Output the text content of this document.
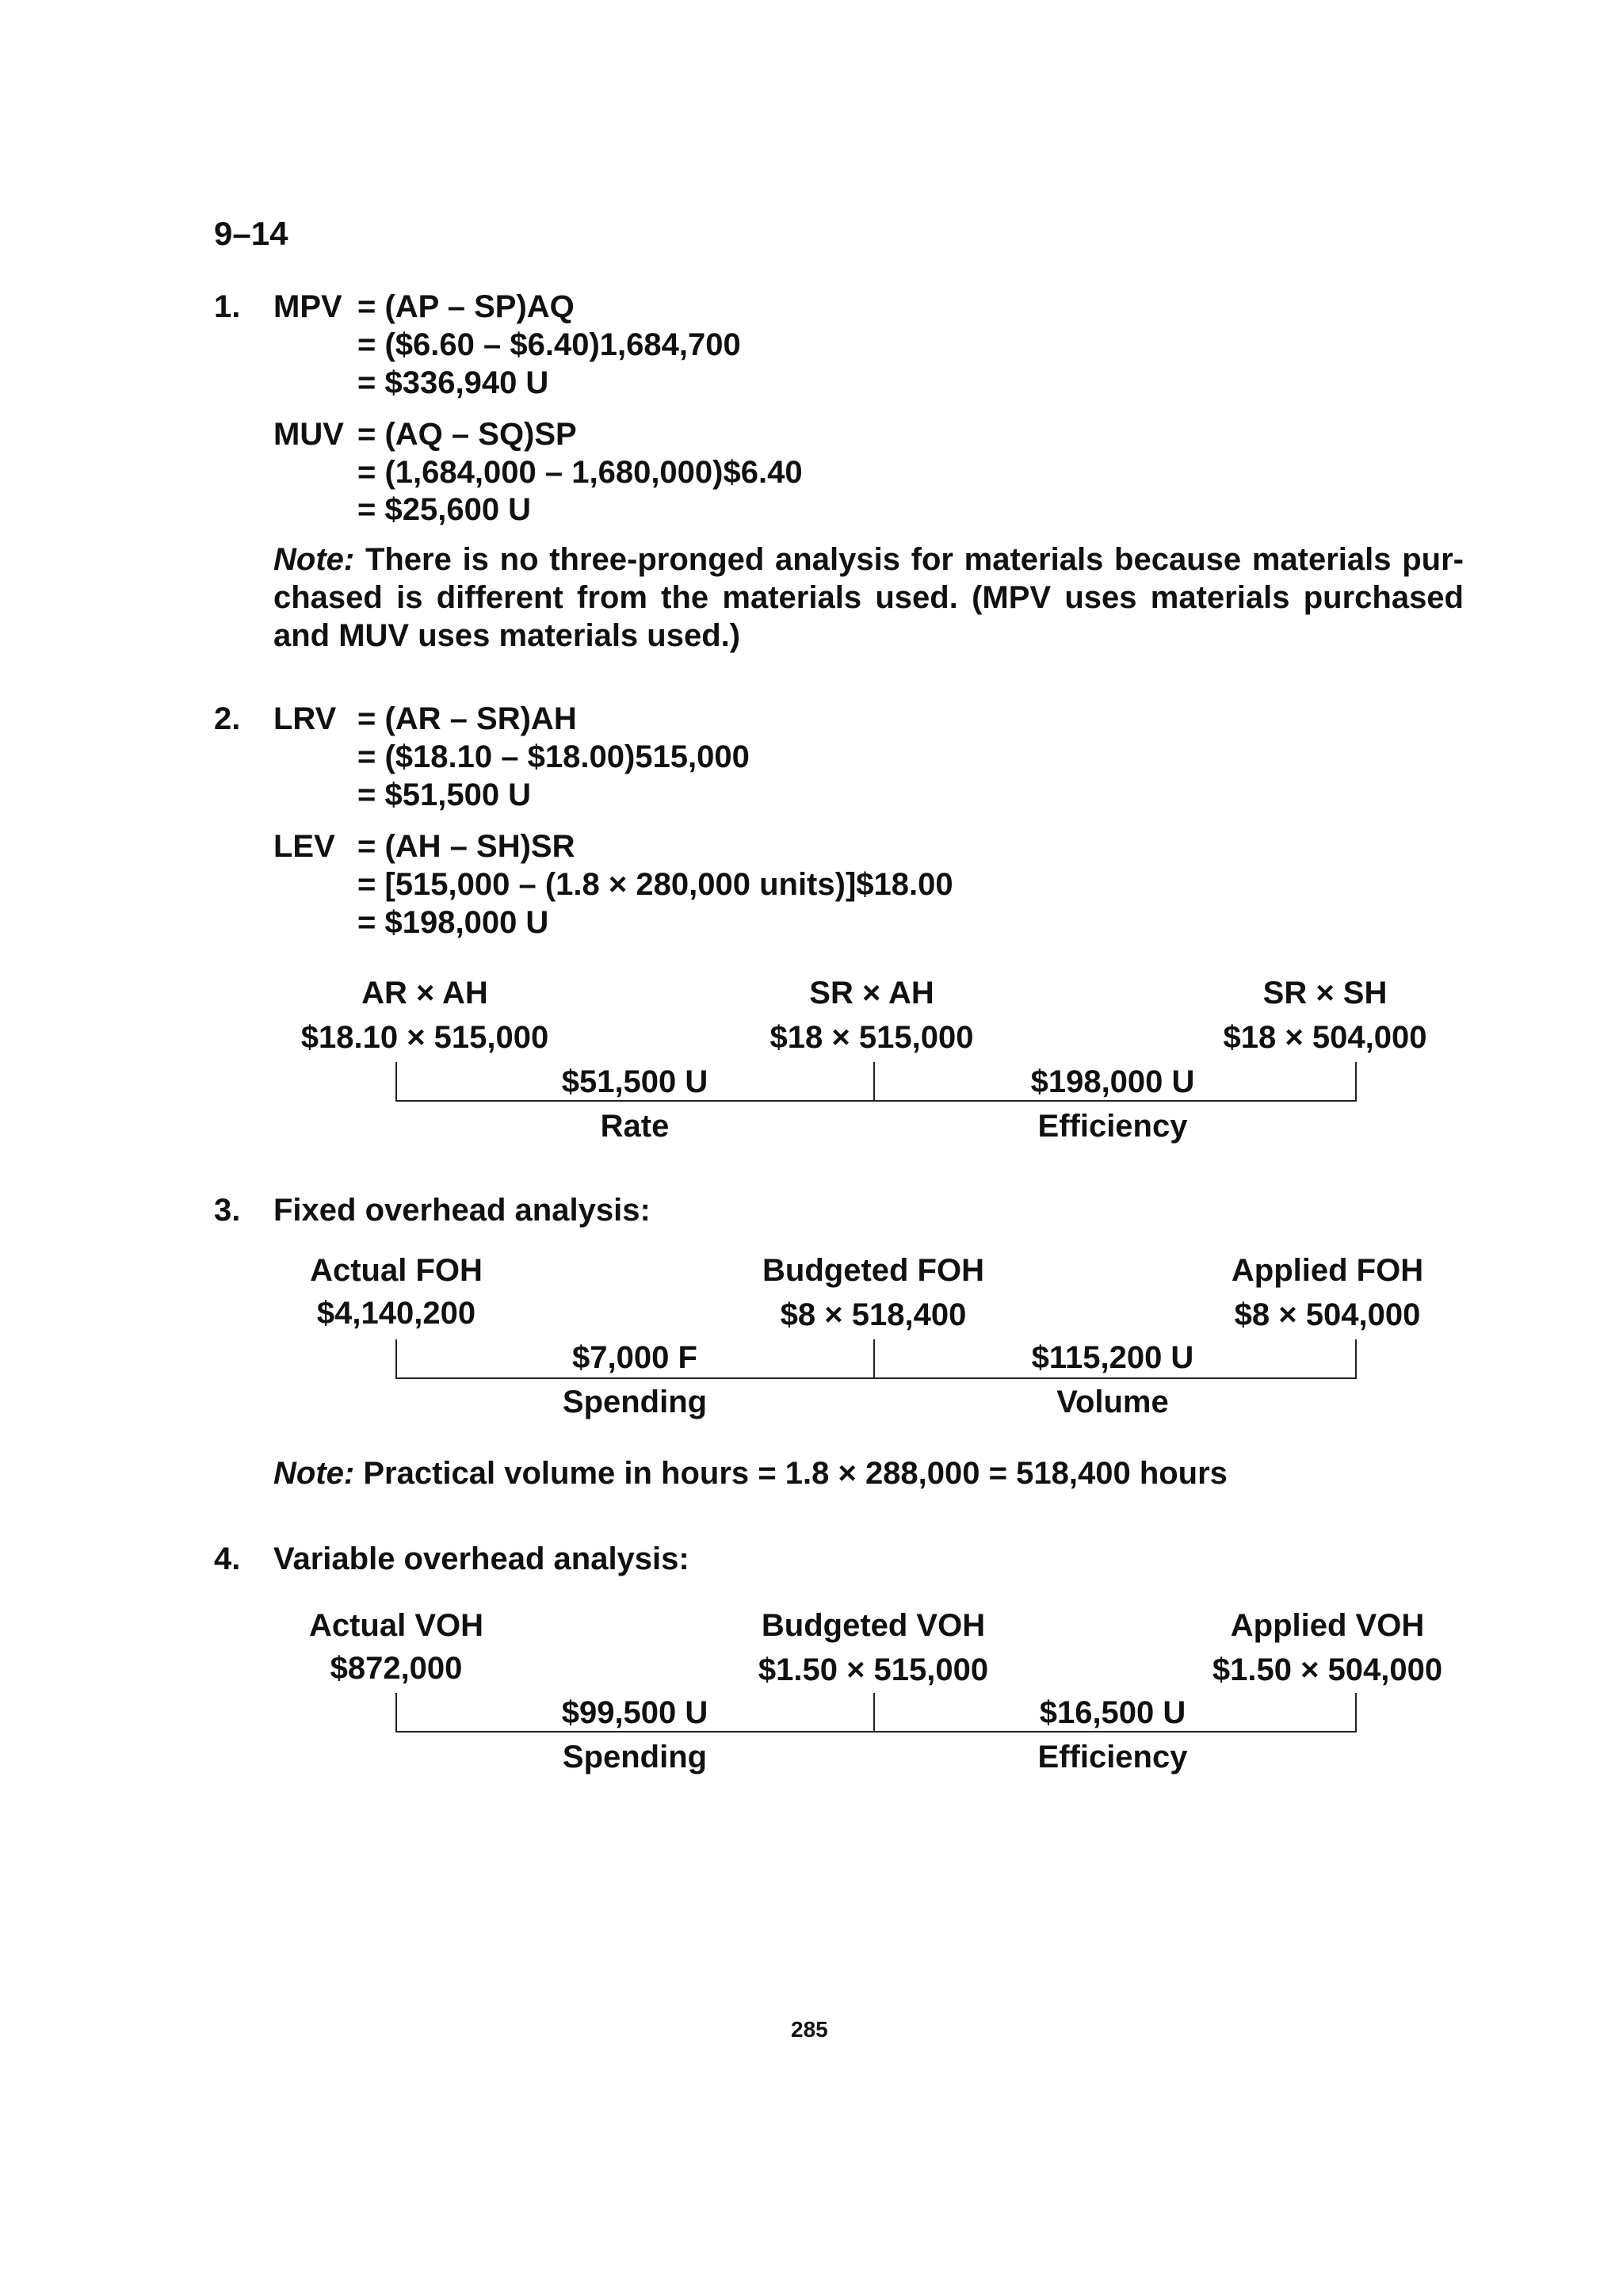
9–14
1. MPV = (AP – SP)AQ
= ($6.60 – $6.40)1,684,700
= $336,940 U
MUV = (AQ – SQ)SP
= (1,684,000 – 1,680,000)$6.40
= $25,600 U
Note: There is no three-pronged analysis for materials because materials pur-chased is different from the materials used. (MPV uses materials purchased and MUV uses materials used.)
2. LRV = (AR – SR)AH
= ($18.10 – $18.00)515,000
= $51,500 U
LEV = (AH – SH)SR
= [515,000 – (1.8 × 280,000 units)]$18.00
= $198,000 U
AR × AH	SR × AH	SR × SH
$18.10 × 515,000	$18 × 515,000	$18 × 504,000
$51,500 U	$198,000 U
Rate	Efficiency
3. Fixed overhead analysis:
Actual FOH	Budgeted FOH	Applied FOH
$4,140,200	$8 × 518,400	$8 × 504,000
$7,000 F	$115,200 U
Spending	Volume
Note: Practical volume in hours = 1.8 × 288,000 = 518,400 hours
4. Variable overhead analysis:
Actual VOH	Budgeted VOH	Applied VOH
$872,000	$1.50 × 515,000	$1.50 × 504,000
$99,500 U	$16,500 U
Spending	Efficiency
285
